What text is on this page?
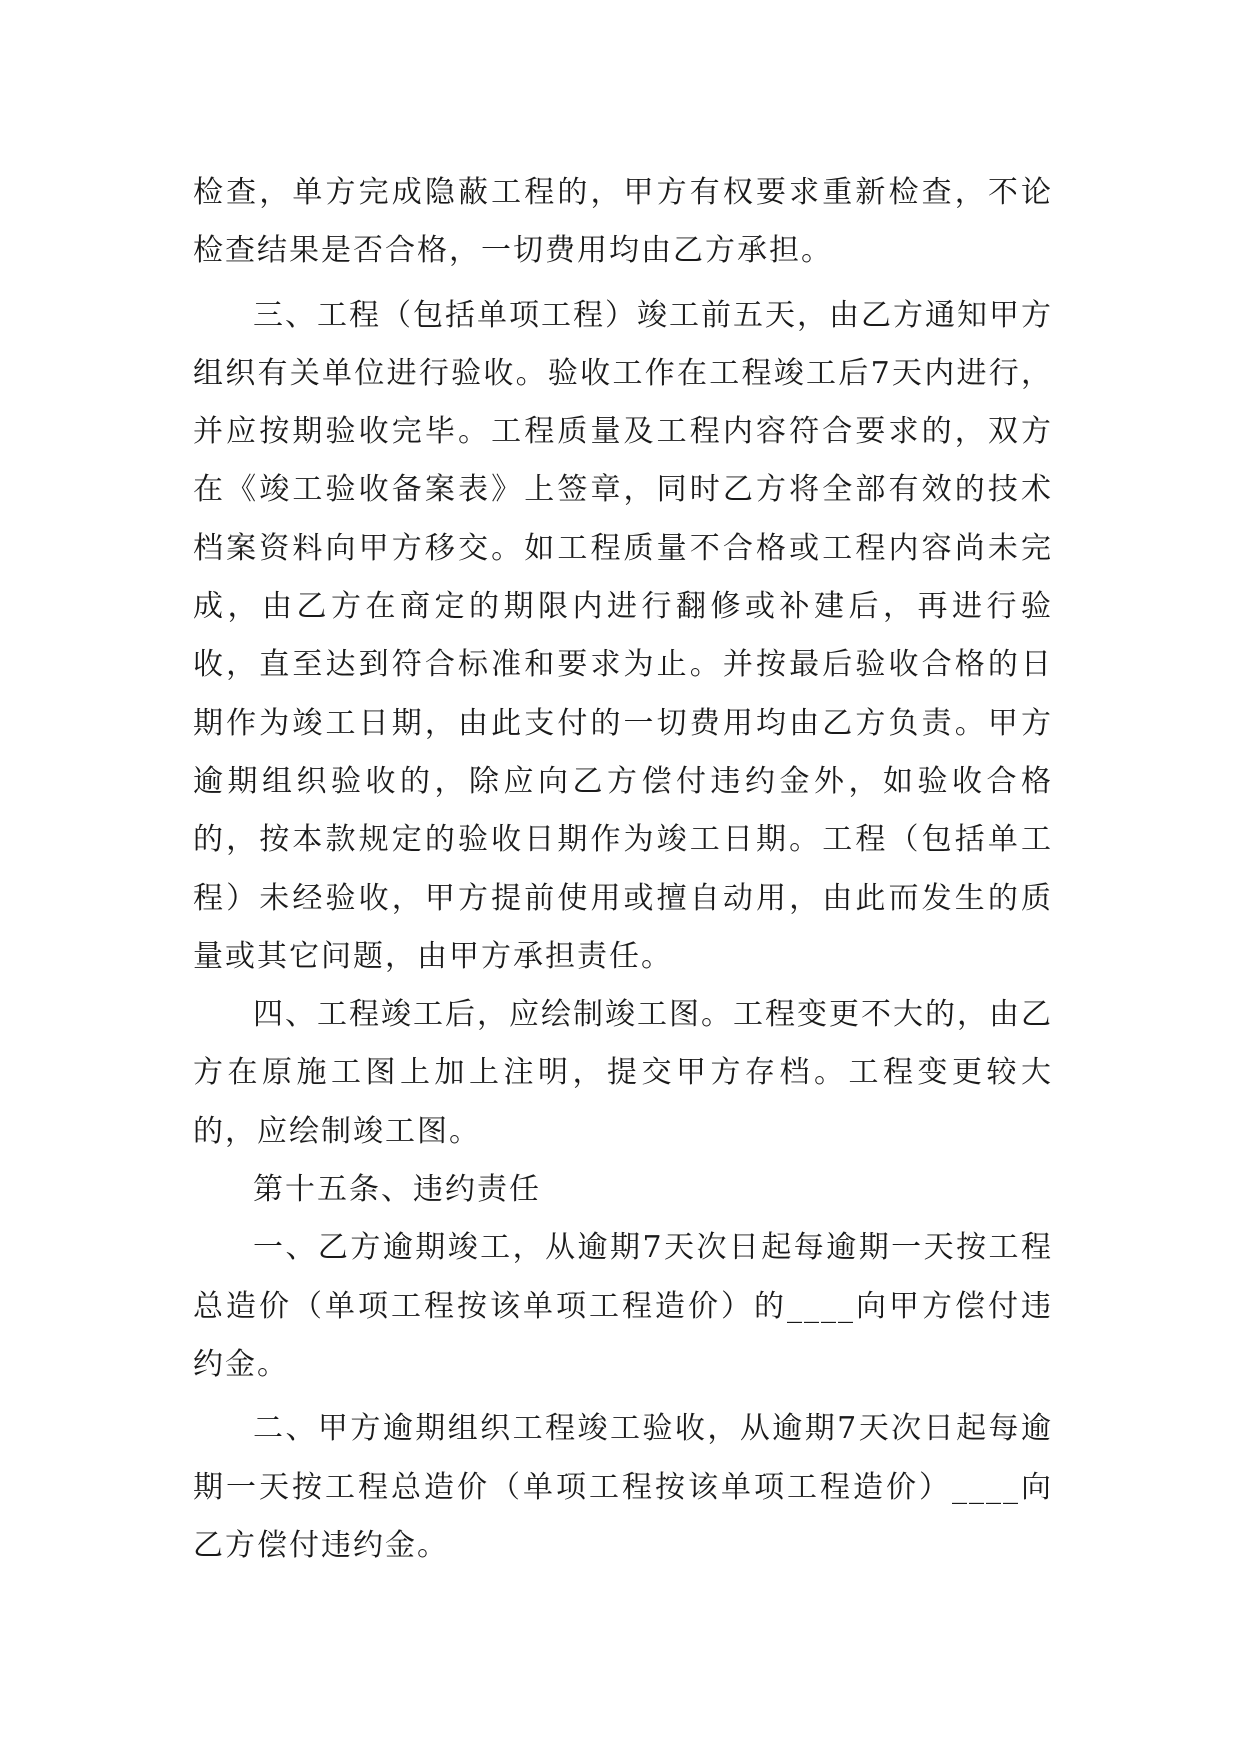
检查，单方完成隐蔽工程的，甲方有权要求重新检查，不论检查结果是否合格，一切费用均由乙方承担。

三、工程（包括单项工程）竣工前五天，由乙方通知甲方组织有关单位进行验收。验收工作在工程竣工后7天内进行，并应按期验收完毕。工程质量及工程内容符合要求的，双方在《竣工验收备案表》上签章，同时乙方将全部有效的技术档案资料向甲方移交。如工程质量不合格或工程内容尚未完成，由乙方在商定的期限内进行翻修或补建后，再进行验收，直至达到符合标准和要求为止。并按最后验收合格的日期作为竣工日期，由此支付的一切费用均由乙方负责。甲方逾期组织验收的，除应向乙方偿付违约金外，如验收合格的，按本款规定的验收日期作为竣工日期。工程（包括单工程）未经验收，甲方提前使用或擅自动用，由此而发生的质量或其它问题，由甲方承担责任。

四、工程竣工后，应绘制竣工图。工程变更不大的，由乙方在原施工图上加上注明，提交甲方存档。工程变更较大的，应绘制竣工图。

第十五条、违约责任

一、乙方逾期竣工，从逾期7天次日起每逾期一天按工程总造价（单项工程按该单项工程造价）的____向甲方偿付违约金。

二、甲方逾期组织工程竣工验收，从逾期7天次日起每逾期一天按工程总造价（单项工程按该单项工程造价）____向乙方偿付违约金。
